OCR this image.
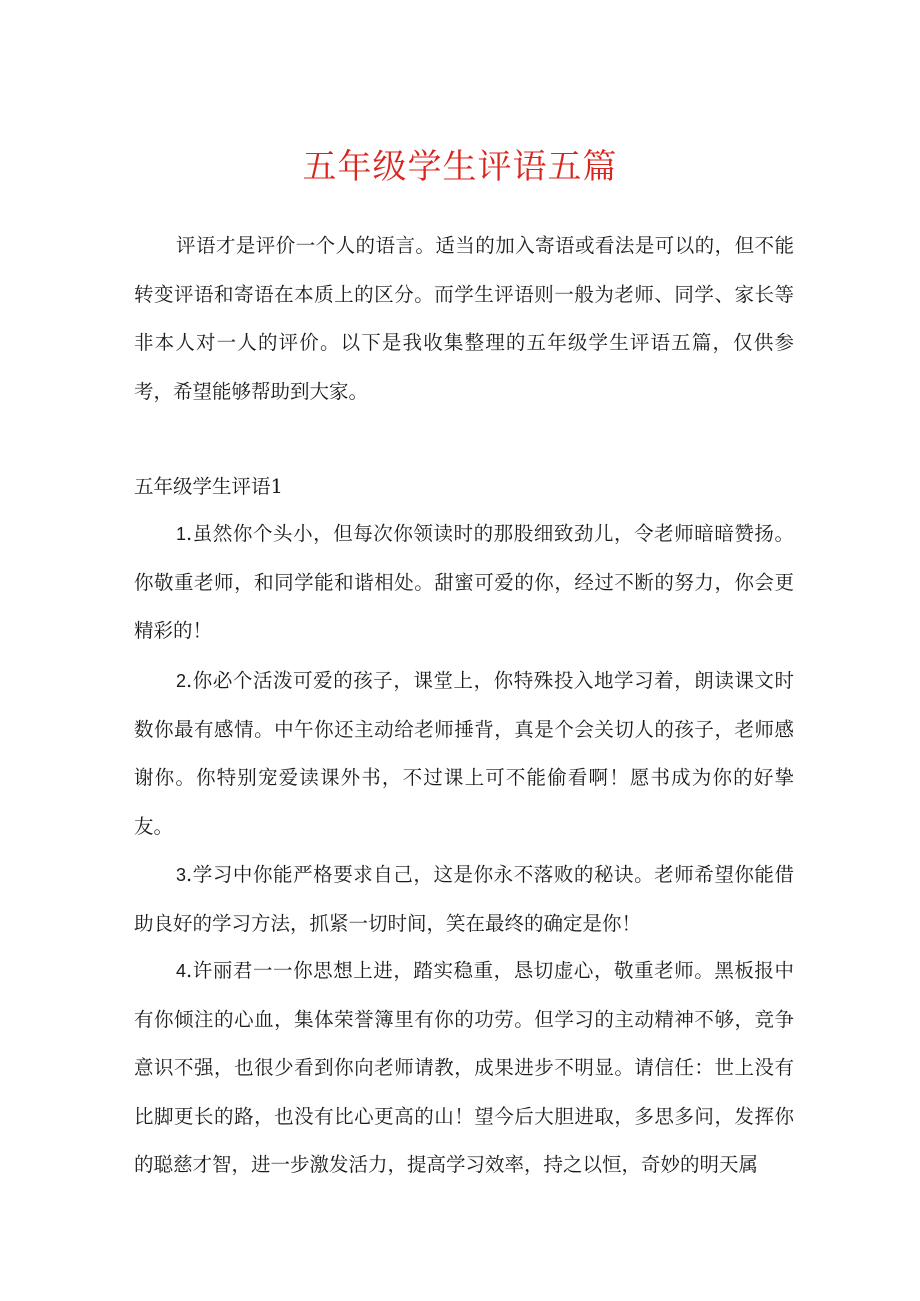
五年级学生评语五篇
评语才是评价一个人的语言。适当的加入寄语或看法是可以的，但不能转变评语和寄语在本质上的区分。而学生评语则一般为老师、同学、家长等非本人对一人的评价。以下是我收集整理的五年级学生评语五篇，仅供参考，希望能够帮助到大家。
五年级学生评语1
1.虽然你个头小，但每次你领读时的那股细致劲儿，令老师暗暗赞扬。你敬重老师，和同学能和谐相处。甜蜜可爱的你，经过不断的努力，你会更精彩的！
2.你必个活泼可爱的孩子，课堂上，你特殊投入地学习着，朗读课文时数你最有感情。中午你还主动给老师捶背，真是个会关切人的孩子，老师感谢你。你特别宠爱读课外书，不过课上可不能偷看啊！愿书成为你的好挚友。
3.学习中你能严格要求自己，这是你永不落败的秘诀。老师希望你能借助良好的学习方法，抓紧一切时间，笑在最终的确定是你！
4.许丽君一一你思想上进，踏实稳重，恳切虚心，敬重老师。黑板报中有你倾注的心血，集体荣誉簿里有你的功劳。但学习的主动精神不够，竞争意识不强，也很少看到你向老师请教，成果进步不明显。请信任：世上没有比脚更长的路，也没有比心更高的山！望今后大胆进取，多思多问，发挥你的聪慈才智，进一步激发活力，提高学习效率，持之以恒，奇妙的明天属
